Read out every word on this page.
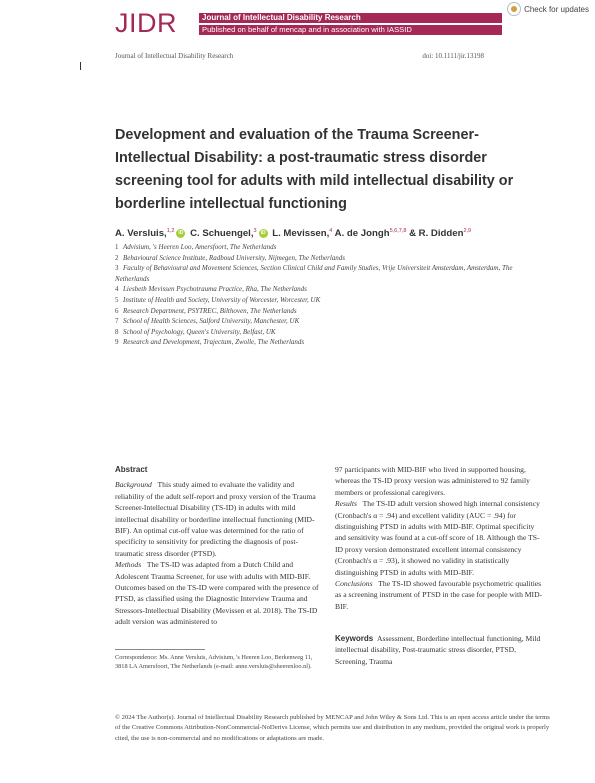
JIDR	Journal of Intellectual Disability Research
Published on behalf of mencap and in association with IASSID
Check for updates
Journal of Intellectual Disability Research	doi: 10.1111/jir.13198
Development and evaluation of the Trauma Screener-Intellectual Disability: a post-traumatic stress disorder screening tool for adults with mild intellectual disability or borderline intellectual functioning
A. Versluis,$^{1,2}$ iD C. Schuengel,$^3$ iD L. Mevissen,$^4$ A. de Jongh$^{5,6,7,8}$ & R. Didden$^{2,9}$
1 Advisium, 's Heeren Loo, Amersfoort, The Netherlands
2 Behavioural Science Institute, Radboud University, Nijmegen, The Netherlands
3 Faculty of Behavioural and Movement Sciences, Section Clinical Child and Family Studies, Vrije Universiteit Amsterdam, Amsterdam, The Netherlands
4 Liesbeth Mevissen Psychotrauma Practice, Rha, The Netherlands
5 Institute of Health and Society, University of Worcester, Worcester, UK
6 Research Department, PSYTREC, Bilthoven, The Netherlands
7 School of Health Sciences, Salford University, Manchester, UK
8 School of Psychology, Queen's University, Belfast, UK
9 Research and Development, Trajectum, Zwolle, The Netherlands
Abstract

Background This study aimed to evaluate the validity and reliability of the adult self-report and proxy version of the Trauma Screener-Intellectual Disability (TS-ID) in adults with mild intellectual disability or borderline intellectual functioning (MID-BIF). An optimal cut-off value was determined for the ratio of specificity to sensitivity for predicting the diagnosis of post-traumatic stress disorder (PTSD).

Methods The TS-ID was adapted from a Dutch Child and Adolescent Trauma Screener, for use with adults with MID-BIF. Outcomes based on the TS-ID were compared with the presence of PTSD, as classified using the Diagnostic Interview Trauma and Stressors-Intellectual Disability (Mevissen et al. 2018). The TS-ID adult version was administered to

97 participants with MID-BIF who lived in supported housing, whereas the TS-ID proxy version was administered to 92 family members or professional caregivers.

Results The TS-ID adult version showed high internal consistency (Cronbach's α = .94) and excellent validity (AUC = .94) for distinguishing PTSD in adults with MID-BIF. Optimal specificity and sensitivity was found at a cut-off score of 18. Although the TS-ID proxy version demonstrated excellent internal consistency (Cronbach's α = .93), it showed no validity in statistically distinguishing PTSD in adults with MID-BIF.

Conclusions The TS-ID showed favourable psychometric qualities as a screening instrument of PTSD in the case for people with MID-BIF.

Keywords Assessment, Borderline intellectual functioning, Mild intellectual disability, Post-traumatic stress disorder, PTSD, Screening, Trauma
Correspondence: Ms. Anne Versluis, Advisium, 's Heeren Loo, Berkenweg 11, 3818 LA Amersfoort, The Netherlands (e-mail: anne.versluis@sheerenloo.nl).
© 2024 The Author(s). Journal of Intellectual Disability Research published by MENCAP and John Wiley & Sons Ltd. This is an open access article under the terms of the Creative Commons Attribution-NonCommercial-NoDerivs License, which permits use and distribution in any medium, provided the original work is properly cited, the use is non-commercial and no modifications or adaptations are made.
